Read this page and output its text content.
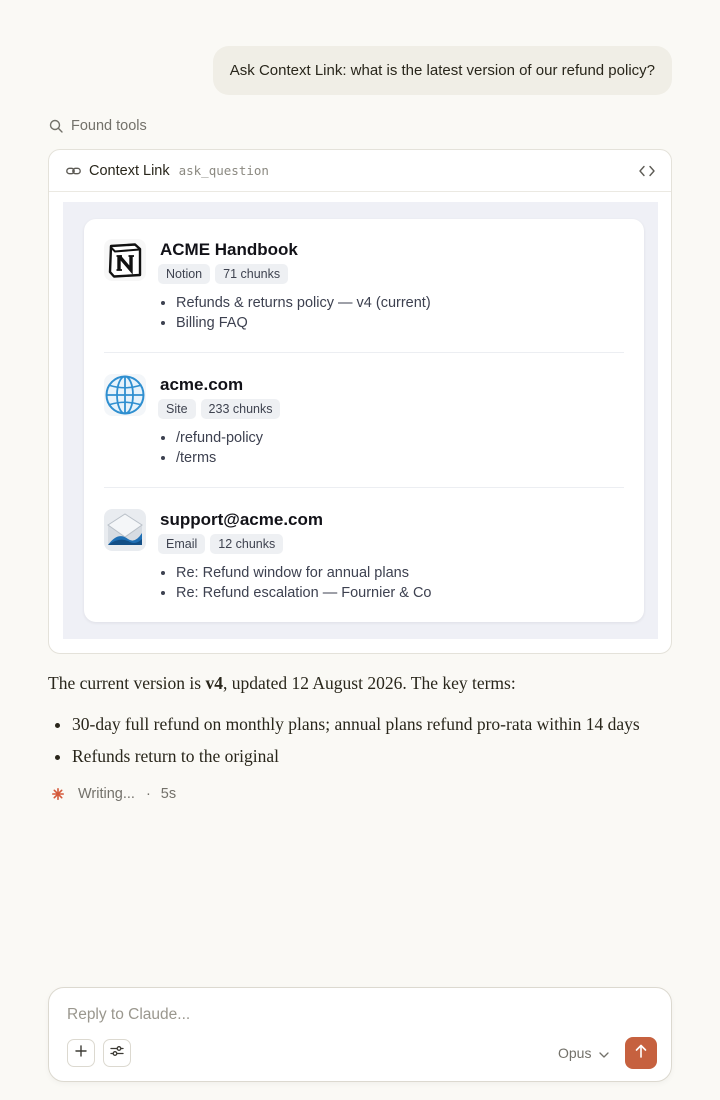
Ask Context Link: what is the latest version of our refund policy?
Found tools
Context Link ask_question
ACME Handbook
Notion	71 chunks
• Refunds & returns policy — v4 (current)
• Billing FAQ
acme.com
Site	233 chunks
• /refund-policy
• /terms
support@acme.com
Email	12 chunks
• Re: Refund window for annual plans
• Re: Refund escalation — Fournier & Co

The current version is v4, updated 12 August 2026. The key terms:

• 30-day full refund on monthly plans; annual plans refund pro-rata within 14 days
• Refunds return to the original
Writing... · 5s
Reply to Claude...
Opus
